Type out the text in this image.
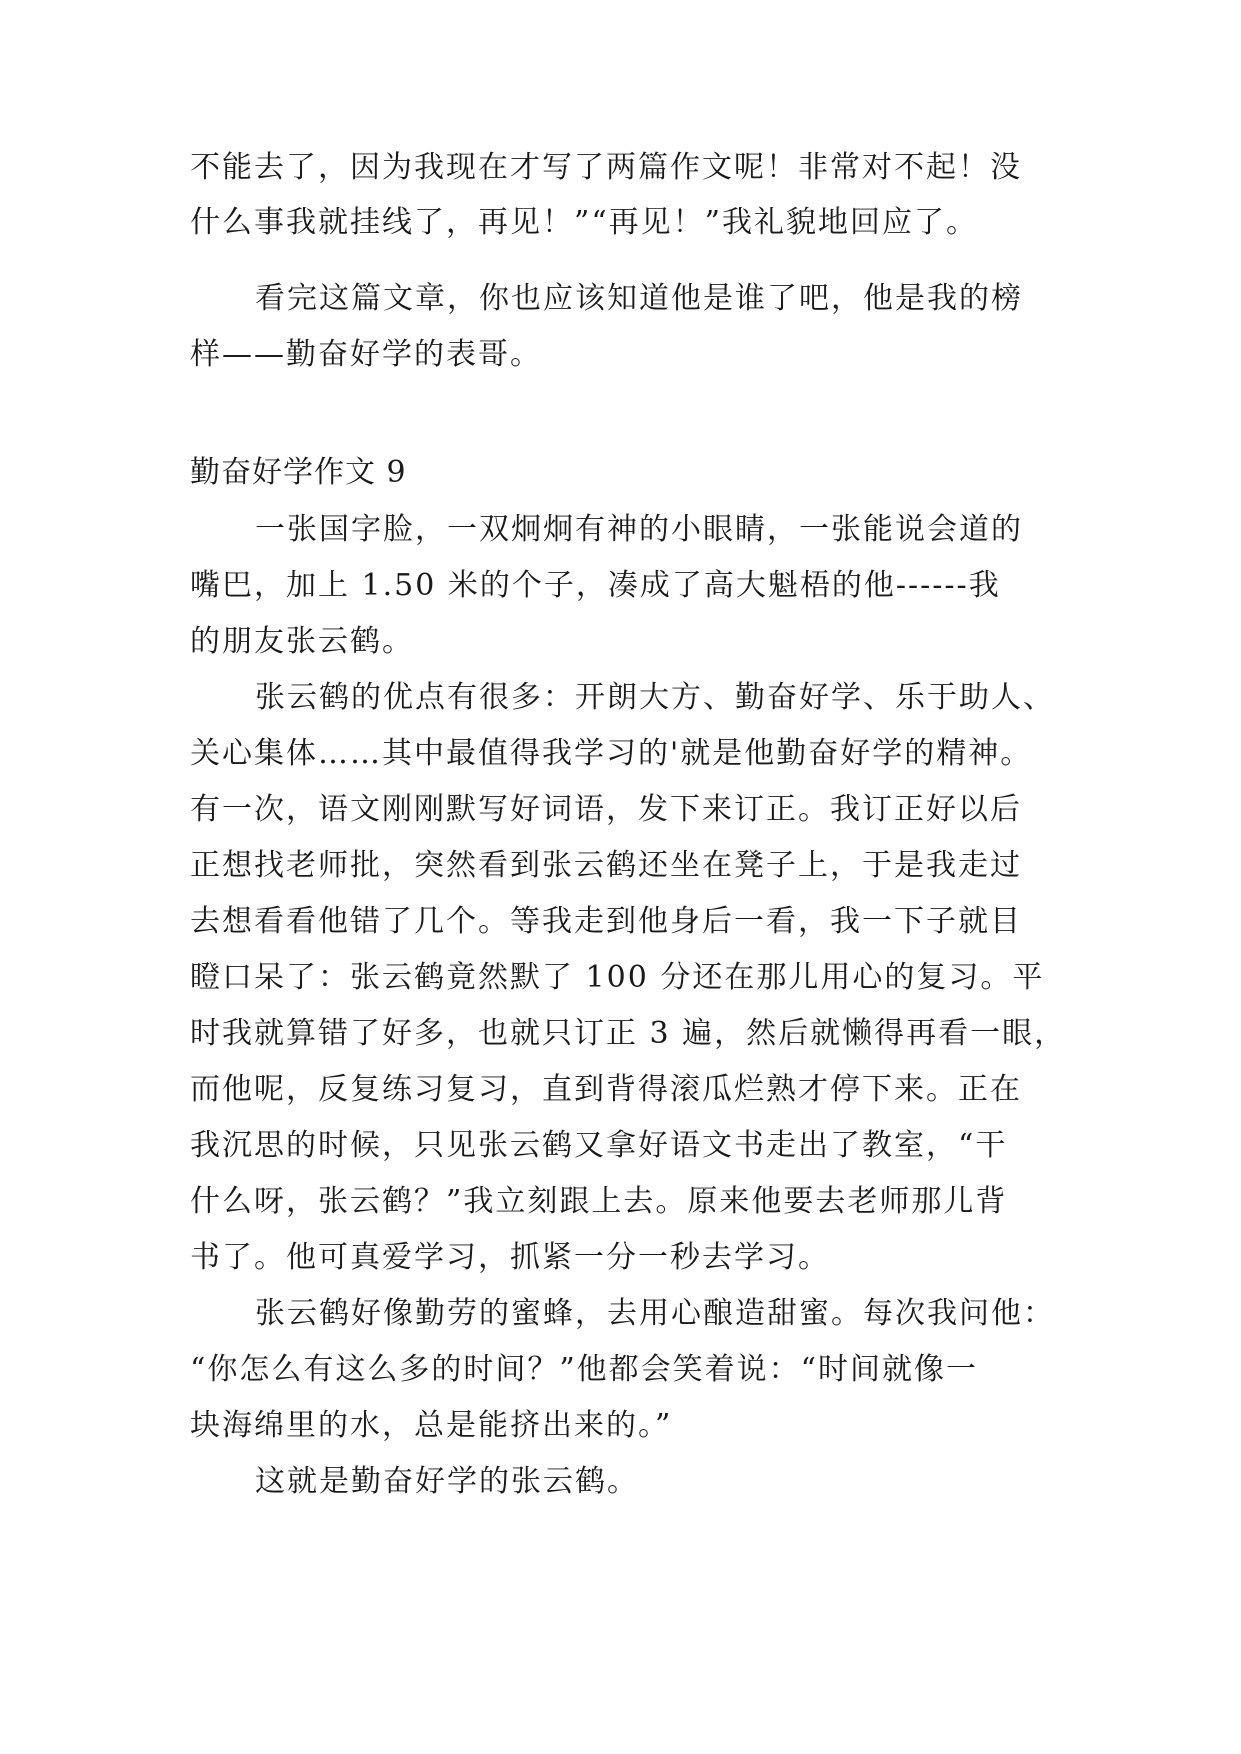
不能去了，因为我现在才写了两篇作文呢！非常对不起！没
什么事我就挂线了，再见！”“再见！”我礼貌地回应了。
看完这篇文章，你也应该知道他是谁了吧，他是我的榜
样——勤奋好学的表哥。
勤奋好学作文 9
一张国字脸，一双炯炯有神的小眼睛，一张能说会道的
嘴巴，加上 1.50 米的个子，凑成了高大魁梧的他------我
的朋友张云鹤。
张云鹤的优点有很多：开朗大方、勤奋好学、乐于助人、
关心集体……其中最值得我学习的'就是他勤奋好学的精神。
有一次，语文刚刚默写好词语，发下来订正。我订正好以后
正想找老师批，突然看到张云鹤还坐在凳子上，于是我走过
去想看看他错了几个。等我走到他身后一看，我一下子就目
瞪口呆了：张云鹤竟然默了 100 分还在那儿用心的复习。平
时我就算错了好多，也就只订正 3 遍，然后就懒得再看一眼，
而他呢，反复练习复习，直到背得滚瓜烂熟才停下来。正在
我沉思的时候，只见张云鹤又拿好语文书走出了教室，“干
什么呀，张云鹤？”我立刻跟上去。原来他要去老师那儿背
书了。他可真爱学习，抓紧一分一秒去学习。
张云鹤好像勤劳的蜜蜂，去用心酿造甜蜜。每次我问他：
“你怎么有这么多的时间？”他都会笑着说：“时间就像一
块海绵里的水，总是能挤出来的。”
这就是勤奋好学的张云鹤。
